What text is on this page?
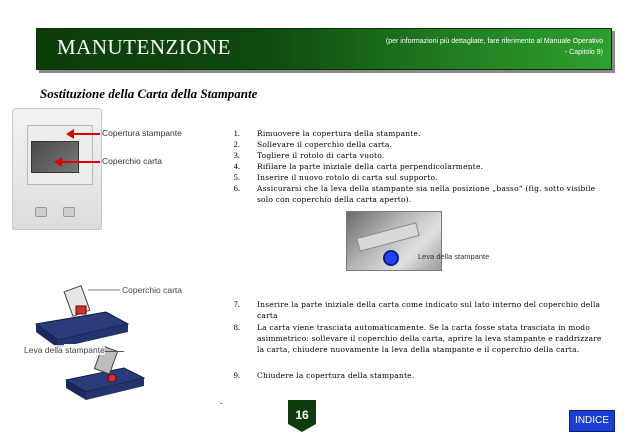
MANUTENZIONE	(per informazioni più dettagliate, fare riferimento al Manuale Operativo - Capitolo 9)
Sostituzione della Carta della Stampante
Copertura stampante
Coperchio carta
1. Rimuovere la copertura della stampante.
2. Sollevare il coperchio della carta.
3. Togliere il rotolo di carta vuoto.
4. Rifilare la parte iniziale della carta perpendicolarmente.
5. Inserire il nuovo rotolo di carta sul supporto.
6. Assicurarsi che la leva della stampante sia nella posizione „basso“ (fig. sotto visibile solo con coperchio della carta aperto).
Leva della stampante
Coperchio carta
Leva della stampante
7. Inserire la parte iniziale della carta come indicato sul lato interno del coperchio della carta
8. La carta viene trasciata automaticamente. Se la carta fosse stata trasciata in modo asimmetrico: sollevare il coperchio della carta, aprire la leva stampante e raddrizzare la carta, chiudere nuovamente la leva della stampante e il coperchio della carta.
9. Chiudere la copertura della stampante.
.
16	INDICE
